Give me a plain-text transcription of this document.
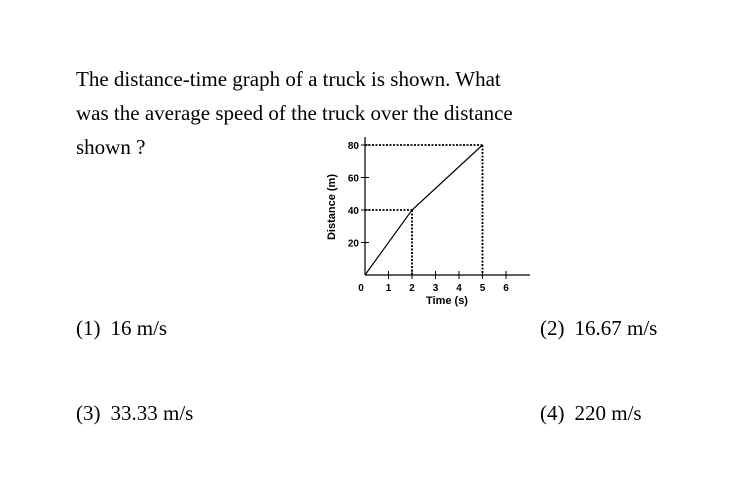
The distance-time graph of a truck is shown. What
was the average speed of the truck over the distance
shown ?
20
40
60
80
0 1 2 3 4 5 6
Time (s)
Distance (m)
(1) 16 m/s	(2) 16.67 m/s
(3) 33.33 m/s	(4) 220 m/s
